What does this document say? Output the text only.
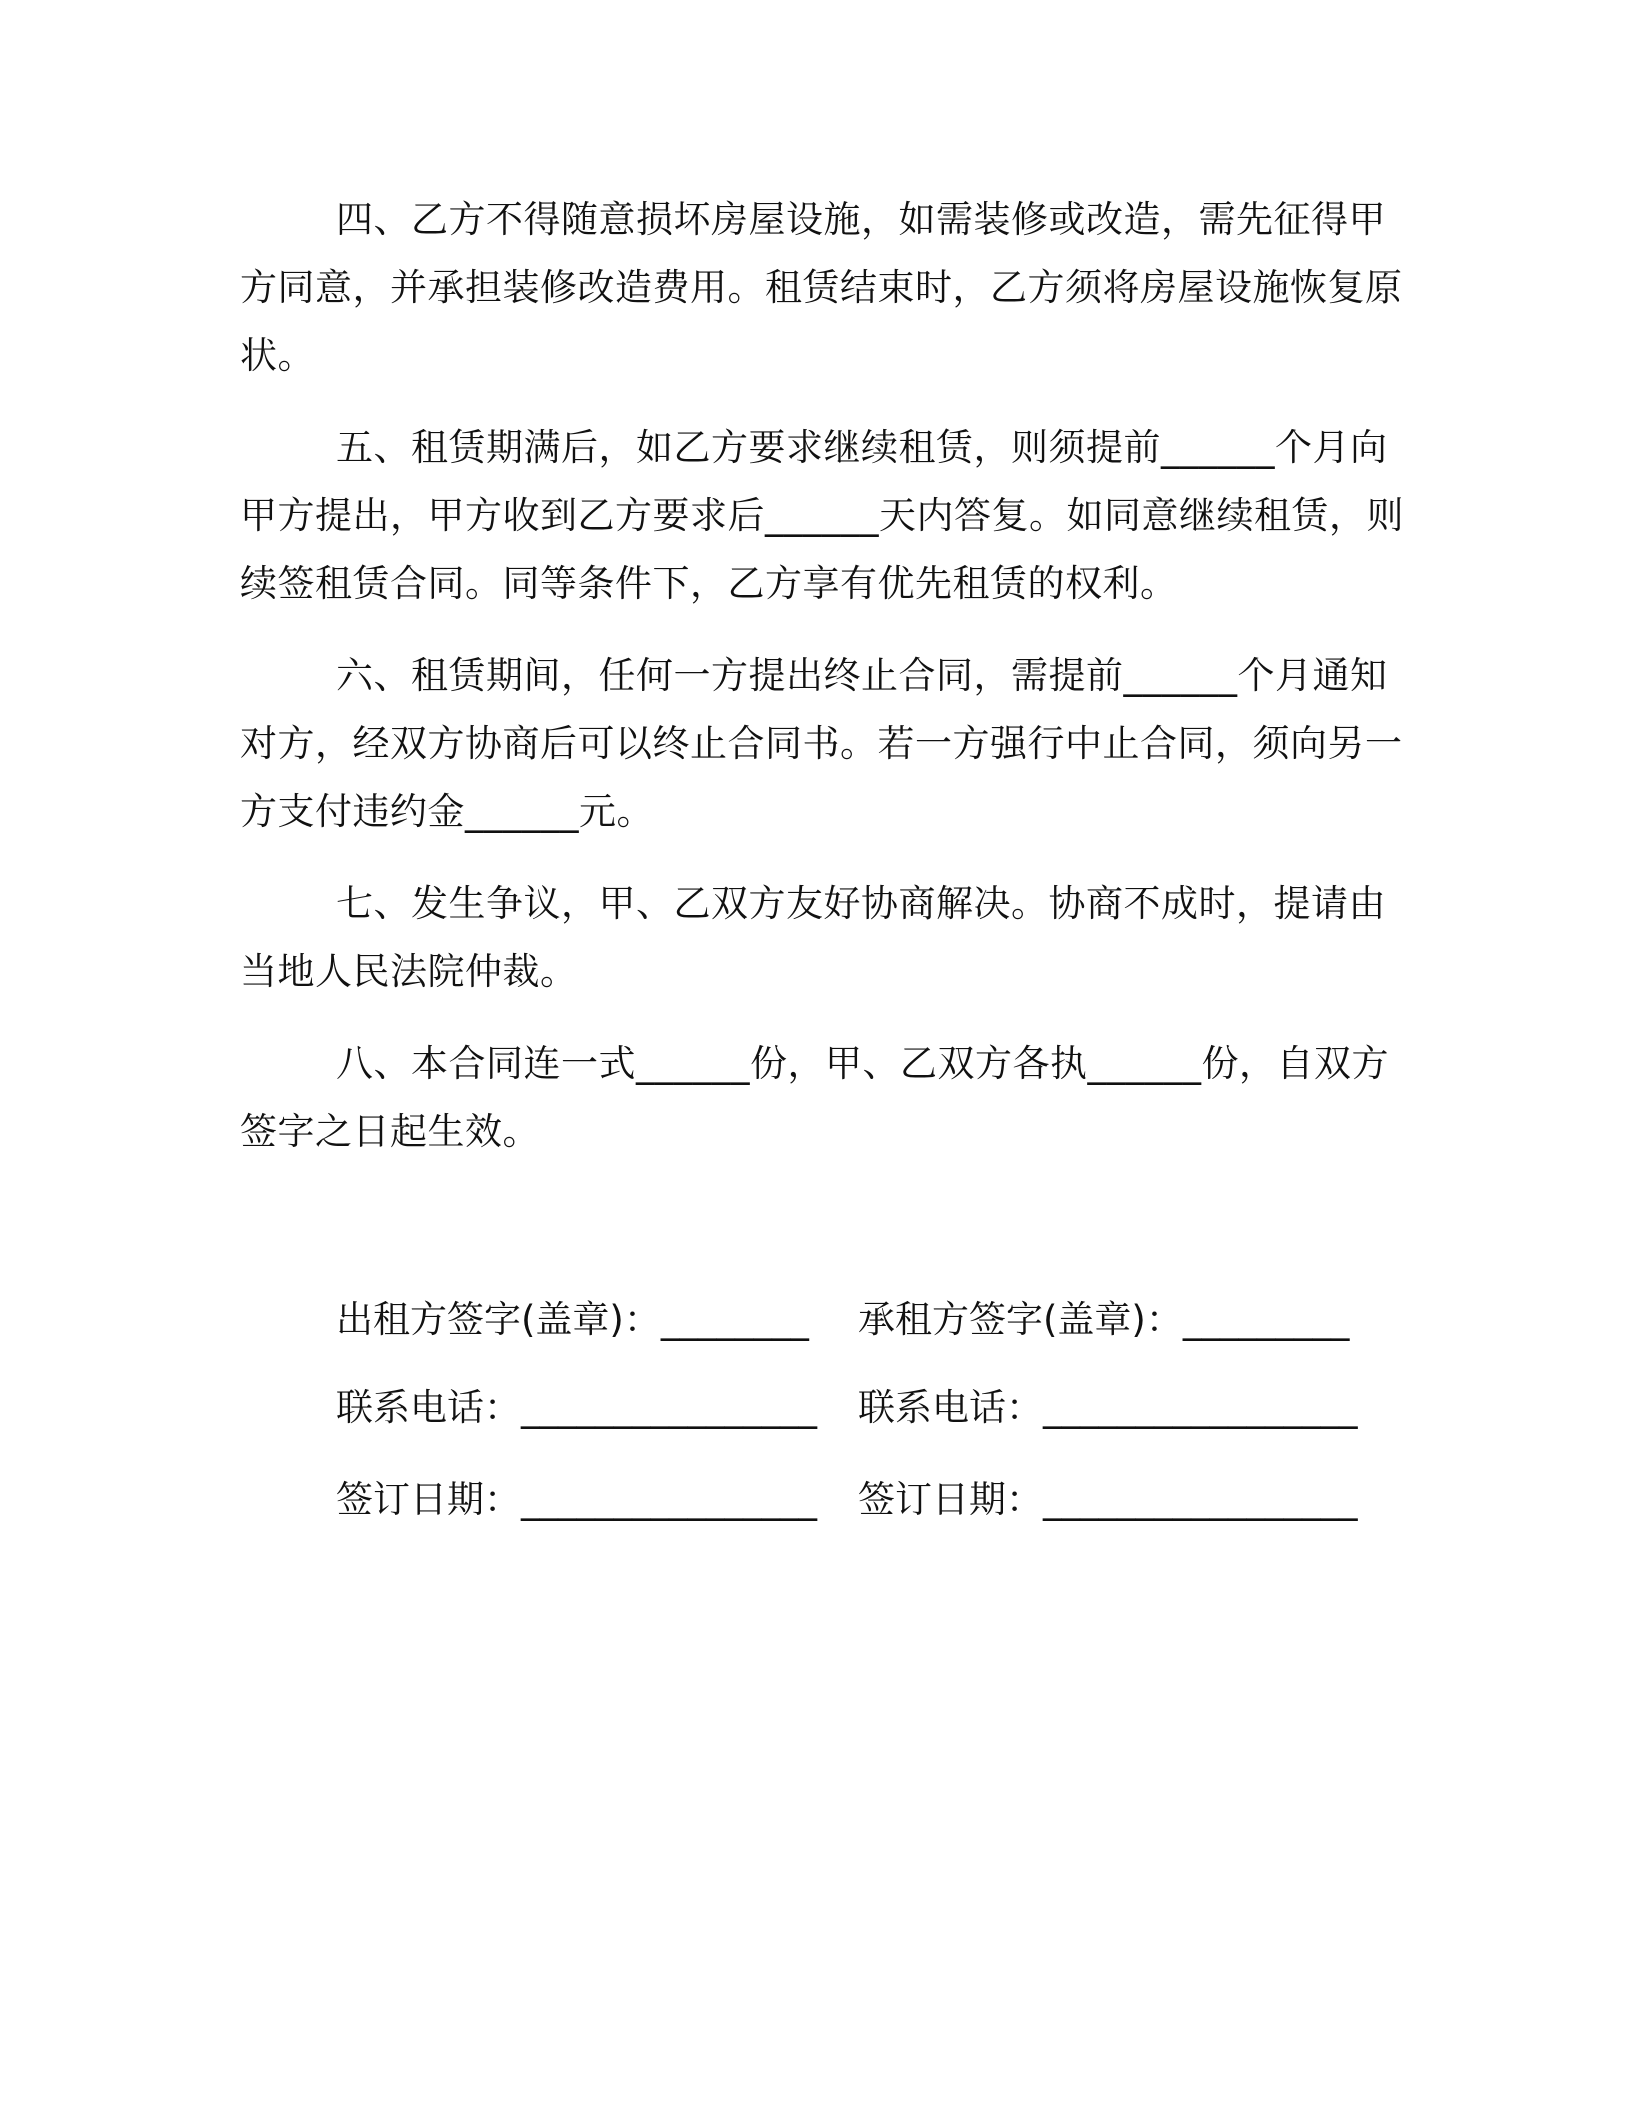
四、乙方不得随意损坏房屋设施，如需装修或改造，需先征得甲方同意，并承担装修改造费用。租赁结束时，乙方须将房屋设施恢复原状。

五、租赁期满后，如乙方要求继续租赁，则须提前______个月向甲方提出，甲方收到乙方要求后______天内答复。如同意继续租赁，则续签租赁合同。同等条件下，乙方享有优先租赁的权利。

六、租赁期间，任何一方提出终止合同，需提前______个月通知对方，经双方协商后可以终止合同书。若一方强行中止合同，须向另一方支付违约金______元。

七、发生争议，甲、乙双方友好协商解决。协商不成时，提请由当地人民法院仲裁。

八、本合同连一式______份，甲、乙双方各执______份，自双方签字之日起生效。

出租方签字(盖章)：________ 承租方签字(盖章)：_________
联系电话：________________ 联系电话：_________________
签订日期：________________ 签订日期：_________________
